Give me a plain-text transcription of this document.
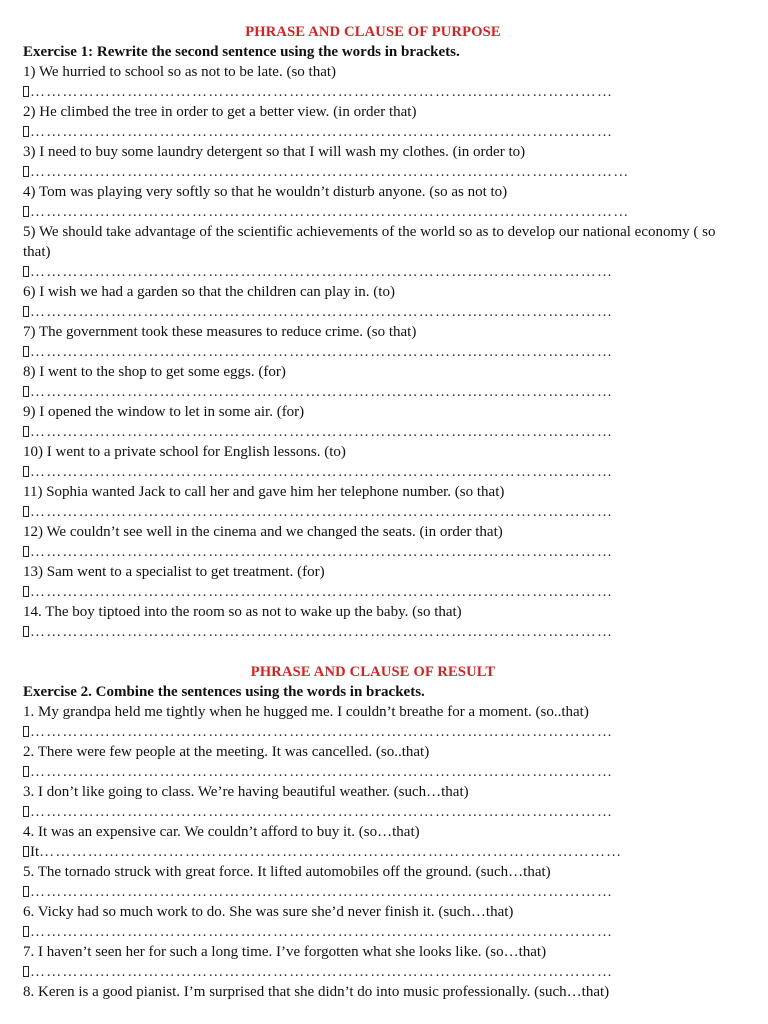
PHRASE AND CLAUSE OF PURPOSE
Exercise 1: Rewrite the second sentence using the words in brackets.
1) We hurried to school so as not to be late. (so that)
………………………………………………………………………………………………
2) He climbed the tree in order to get a better view. (in order that)
………………………………………………………………………………………………
3) I need to buy some laundry detergent so that I will wash my clothes. (in order to)
…………………………………………………………………………………………………
4) Tom was playing very softly so that he wouldn’t disturb anyone. (so as not to)
…………………………………………………………………………………………………
5) We should take advantage of the scientific achievements of the world so as to develop our national economy ( so that)
………………………………………………………………………………………………
6) I wish we had a garden so that the children can play in. (to)
………………………………………………………………………………………………
7) The government took these measures to reduce crime. (so that)
………………………………………………………………………………………………
8) I went to the shop to get some eggs. (for)
………………………………………………………………………………………………
9) I opened the window to let in some air. (for)
………………………………………………………………………………………………
10) I went to a private school for English lessons. (to)
………………………………………………………………………………………………
11) Sophia wanted Jack to call her and gave him her telephone number. (so that)
………………………………………………………………………………………………
12) We couldn’t see well in the cinema and we changed the seats. (in order that)
………………………………………………………………………………………………
13) Sam went to a specialist to get treatment. (for)
………………………………………………………………………………………………
14. The boy tiptoed into the room so as not to wake up the baby. (so that)
………………………………………………………………………………………………
PHRASE AND CLAUSE OF RESULT
Exercise 2. Combine the sentences using the words in brackets.
1. My grandpa held me tightly when he hugged me. I couldn’t breathe for a moment. (so..that)
………………………………………………………………………………………………
2. There were few people at the meeting. It was cancelled. (so..that)
………………………………………………………………………………………………
3. I don’t like going to class. We’re having beautiful weather. (such…that)
………………………………………………………………………………………………
4. It was an expensive car. We couldn’t afford to buy it. (so…that)
It………………………………………………………………………………………………
5. The tornado struck with great force. It lifted automobiles off the ground. (such…that)
………………………………………………………………………………………………
6. Vicky had so much work to do. She was sure she’d never finish it. (such…that)
………………………………………………………………………………………………
7. I haven’t seen her for such a long time. I’ve forgotten what she looks like. (so…that)
………………………………………………………………………………………………
8. Keren is a good pianist. I’m surprised that she didn’t do into music professionally. (such…that)
